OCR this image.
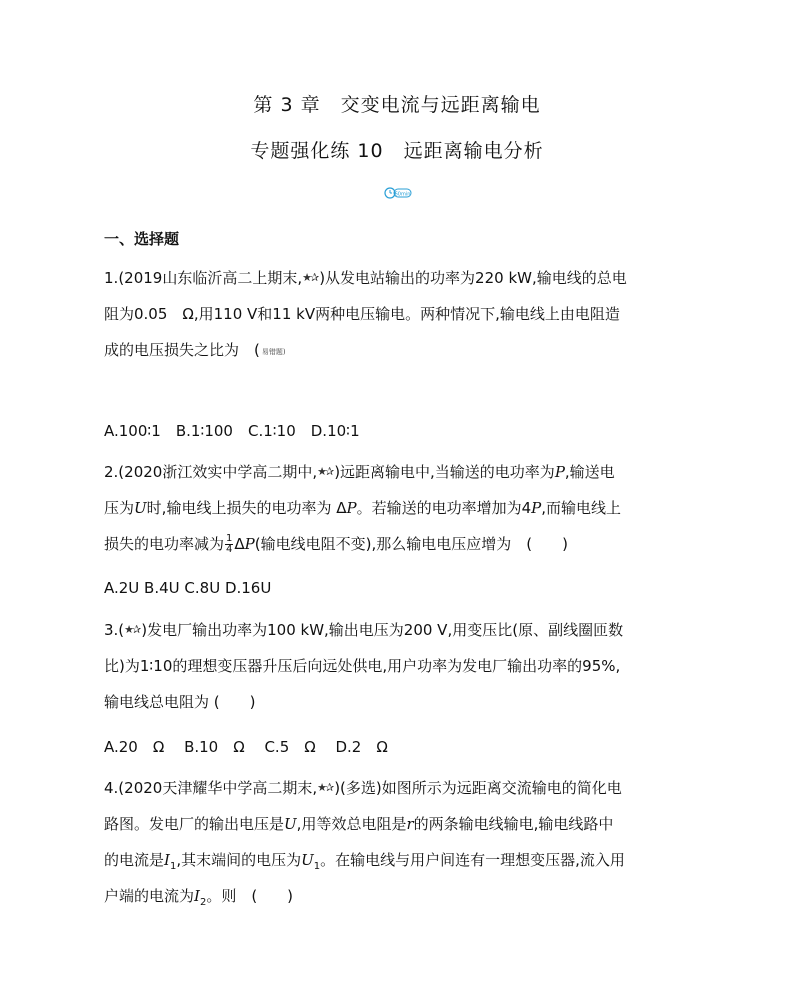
第 3 章　交变电流与远距离输电
专题强化练 10　远距离输电分析
60min
一、选择题
1.(2019山东临沂高二上期末,★✰ )从发电站输出的功率为220 kW,输电线的总电
阻为0.05　Ω,用110 V和11 kV两种电压输电。两种情况下,输电线上由电阻造
成的电压损失之比为　( 易错题)
A.100∶1　B.1∶100　C.1∶10　D.10∶1
2.(2020浙江效实中学高二期中,★✰ )远距离输电中,当输送的电功率为P,输送电
压为U时,输电线上损失的电功率为 ΔP。若输送的电功率增加为4P,而输电线上
损失的电功率减为 $\frac{1}{4} \Delta P$(输电线电阻不变),那么输电电压应增为　(　　)
A.2U B.4U C.8U D.16U
3.(★✰ )发电厂输出功率为100 kW,输出电压为200 V,用变压比(原、副线圈匝数
比)为1∶10的理想变压器升压后向远处供电,用户功率为发电厂输出功率的95%,
输电线总电阻为 (　　)
A.20　Ω　 B.10　Ω　 C.5　Ω　 D.2　Ω
4.(2020天津耀华中学高二期末,★✰ )(多选)如图所示为远距离交流输电的简化电
路图。发电厂的输出电压是U,用等效总电阻是r的两条输电线输电,输电线路中
的电流是$I_1$,其末端间的电压为$U_1$。在输电线与用户间连有一理想变压器,流入用
户端的电流为$I_2$。则　(　　)
